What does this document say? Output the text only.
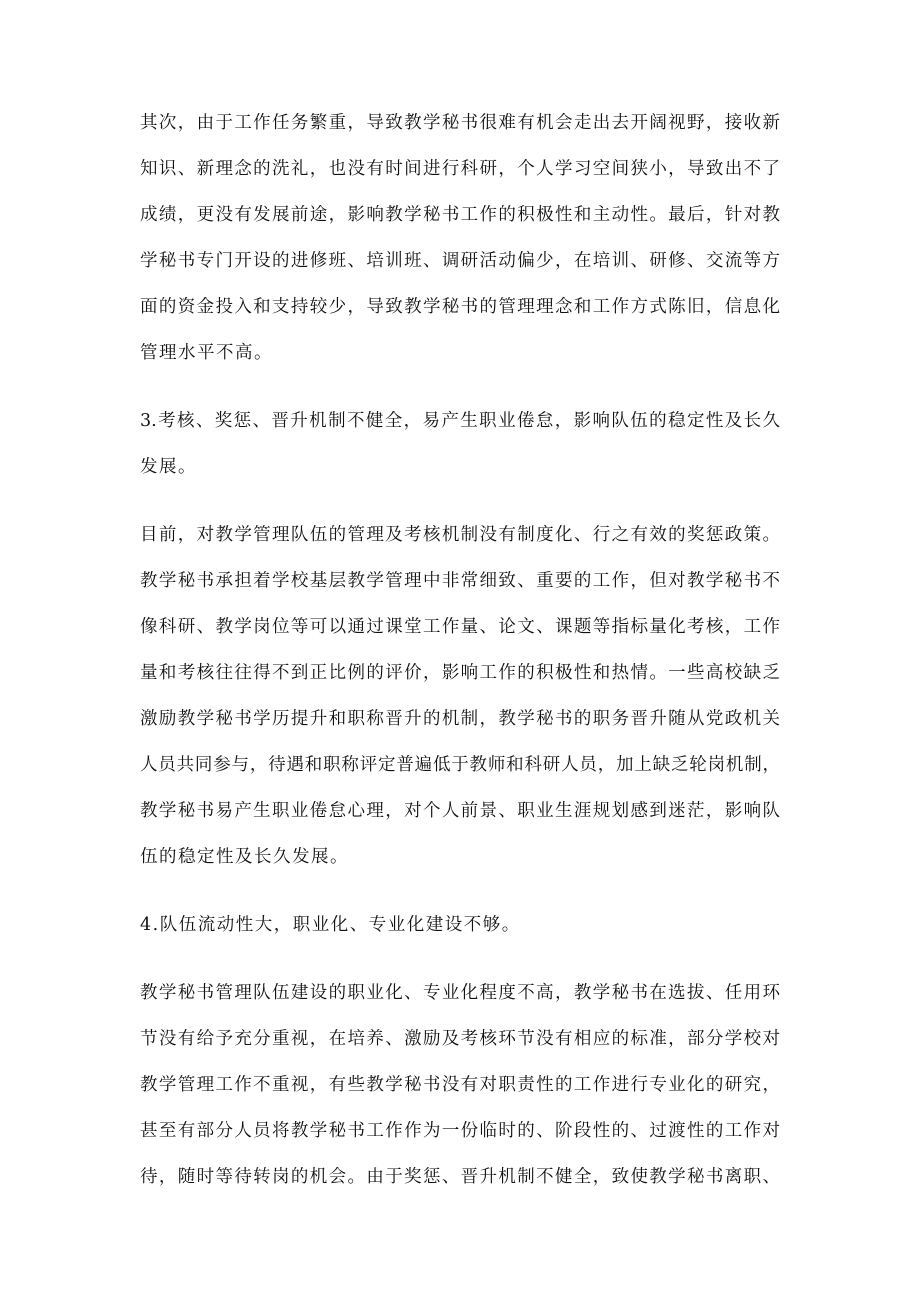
其次，由于工作任务繁重，导致教学秘书很难有机会走出去开阔视野，接收新
知识、新理念的洗礼，也没有时间进行科研，个人学习空间狭小，导致出不了
成绩，更没有发展前途，影响教学秘书工作的积极性和主动性。最后，针对教
学秘书专门开设的进修班、培训班、调研活动偏少，在培训、研修、交流等方
面的资金投入和支持较少，导致教学秘书的管理理念和工作方式陈旧，信息化
管理水平不高。

3.考核、奖惩、晋升机制不健全，易产生职业倦怠，影响队伍的稳定性及长久
发展。

目前，对教学管理队伍的管理及考核机制没有制度化、行之有效的奖惩政策。
教学秘书承担着学校基层教学管理中非常细致、重要的工作，但对教学秘书不
像科研、教学岗位等可以通过课堂工作量、论文、课题等指标量化考核，工作
量和考核往往得不到正比例的评价，影响工作的积极性和热情。一些高校缺乏
激励教学秘书学历提升和职称晋升的机制，教学秘书的职务晋升随从党政机关
人员共同参与，待遇和职称评定普遍低于教师和科研人员，加上缺乏轮岗机制，
教学秘书易产生职业倦怠心理，对个人前景、职业生涯规划感到迷茫，影响队
伍的稳定性及长久发展。

4.队伍流动性大，职业化、专业化建设不够。

教学秘书管理队伍建设的职业化、专业化程度不高，教学秘书在选拔、任用环
节没有给予充分重视，在培养、激励及考核环节没有相应的标准，部分学校对
教学管理工作不重视，有些教学秘书没有对职责性的工作进行专业化的研究，
甚至有部分人员将教学秘书工作作为一份临时的、阶段性的、过渡性的工作对
待，随时等待转岗的机会。由于奖惩、晋升机制不健全，致使教学秘书离职、
